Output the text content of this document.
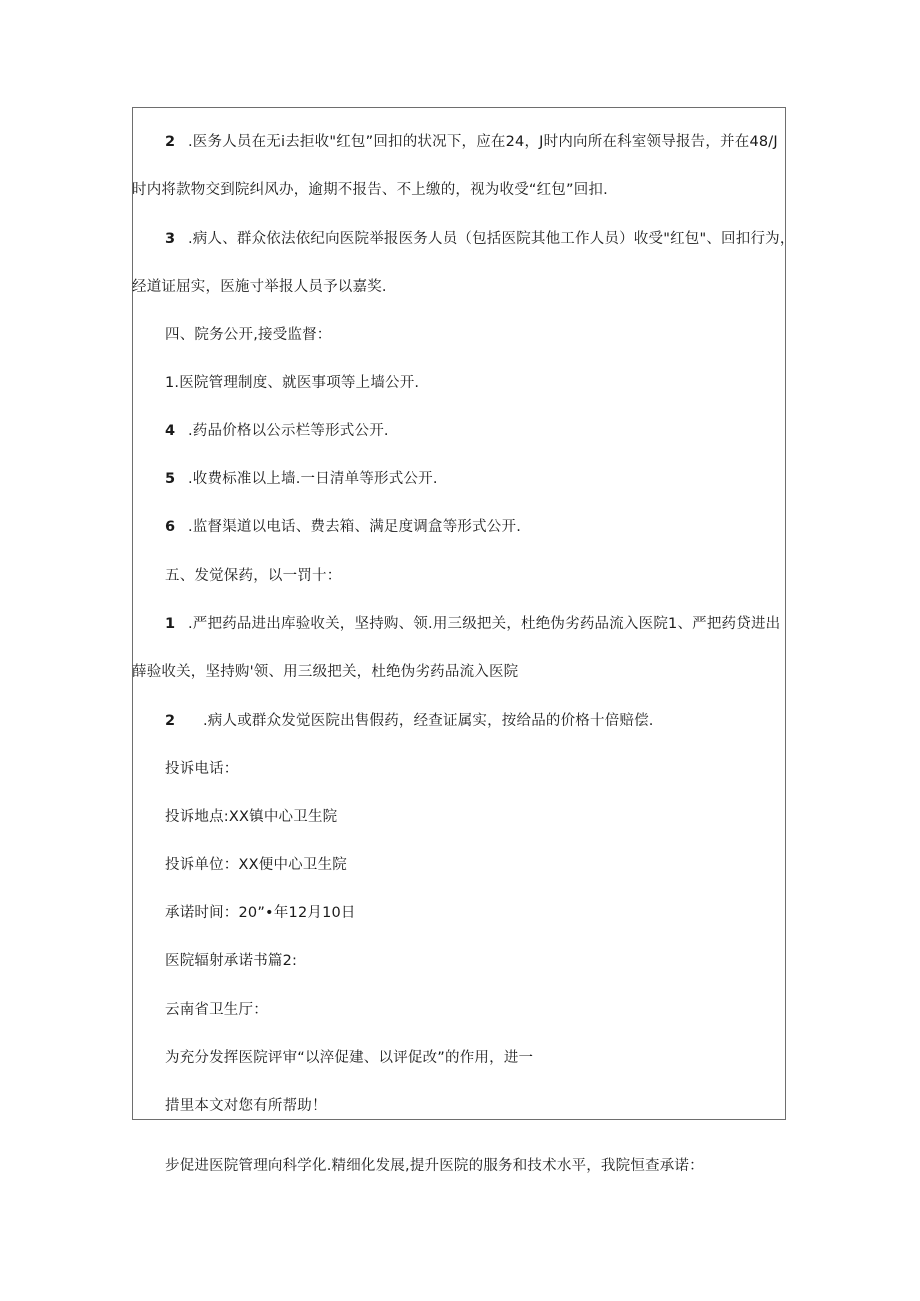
2 .医务人员在无i去拒收"红包”回扣的状况下，应在24，J时内向所在科室领导报告，并在48/J
时内将款物交到院纠风办，逾期不报告、不上缴的，视为收受“红包”回扣.
3 .病人、群众依法依纪向医院举报医务人员（包括医院其他工作人员）收受"红包"、回扣行为，
经道证屈实，医施寸举报人员予以嘉奖.
四、院务公开,接受监督：
1.医院管理制度、就医事项等上墙公开.
4 .药品价格以公示栏等形式公开.
5 .收费标准以上墙.一日清单等形式公开.
6 .监督渠道以电话、费去箱、满足度调盒等形式公开.
五、发觉保药，以一罚十：
1 .严把药品进出库验收关，坚持购、领.用三级把关，杜绝伪劣药品流入医院1、严把药贷进出
薛验收关，坚持购'领、用三级把关，杜绝伪劣药品流入医院
2 .病人或群众发觉医院出售假药，经查证属实，按给品的价格十倍赔偿.
投诉电话：
投诉地点:XX镇中心卫生院
投诉单位：XX便中心卫生院
承诺时间：20”•年12月10日
医院辐射承诺书篇2:
云南省卫生厅：
为充分发挥医院评审“以淬促建、以评促改”的作用，进一
措里本文对您有所帮助！
步促进医院管理向科学化.精细化发展,提升医院的服务和技术水平，我院恒查承诺：
